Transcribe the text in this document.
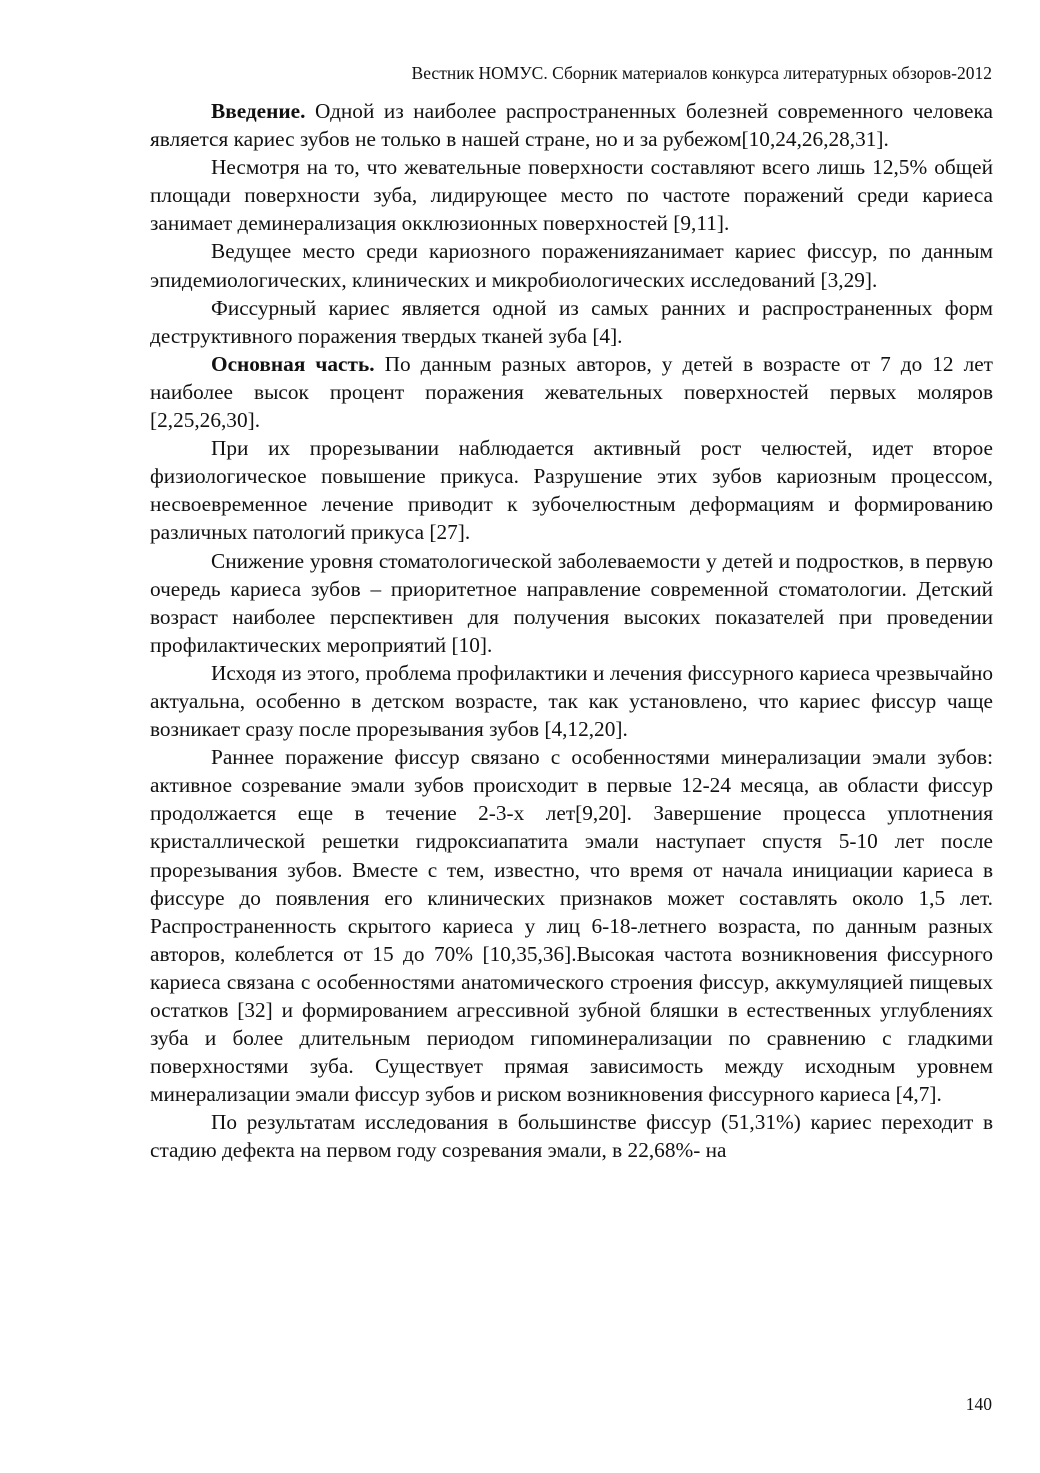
Вестник НОМУС. Сборник материалов конкурса литературных обзоров-2012

Введение. Одной из наиболее распространенных болезней современного человека является кариес зубов не только в нашей стране, но и за рубежом[10,24,26,28,31].

Несмотря на то, что жевательные поверхности составляют всего лишь 12,5% общей площади поверхности зуба, лидирующее место по частоте поражений среди кариеса занимает деминерализация окклюзионных поверхностей [9,11].

Ведущее место среди кариозного пораженияzанимает кариес фиссур, по данным эпидемиологических, клинических и микробиологических исследований [3,29].

Фиссурный кариес является одной из самых ранних и распространенных форм деструктивного поражения твердых тканей зуба [4].

Основная часть. По данным разных авторов, у детей в возрасте от 7 до 12 лет наиболее высок процент поражения жевательных поверхностей первых моляров [2,25,26,30].

При их прорезывании наблюдается активный рост челюстей, идет второе физиологическое повышение прикуса. Разрушение этих зубов кариозным процессом, несвоевременное лечение приводит к зубочелюстным деформациям и формированию различных патологий прикуса [27].

Снижение уровня стоматологической заболеваемости у детей и подростков, в первую очередь кариеса зубов – приоритетное направление современной стоматологии. Детский возраст наиболее перспективен для получения высоких показателей при проведении профилактических мероприятий [10].

Исходя из этого, проблема профилактики и лечения фиссурного кариеса чрезвычайно актуальна, особенно в детском возрасте, так как установлено, что кариес фиссур чаще возникает сразу после прорезывания зубов [4,12,20].

Раннее поражение фиссур связано с особенностями минерализации эмали зубов: активное созревание эмали зубов происходит в первые 12-24 месяца, ав области фиссур продолжается еще в течение 2-3-х лет[9,20]. Завершение процесса уплотнения кристаллической решетки гидроксиапатита эмали наступает спустя 5-10 лет после прорезывания зубов. Вместе с тем, известно, что время от начала инициации кариеса в фиссуре до появления его клинических признаков может составлять около 1,5 лет. Распространенность скрытого кариеса у лиц 6-18-летнего возраста, по данным разных авторов, колеблется от 15 до 70% [10,35,36].Высокая частота возникновения фиссурного кариеса связана с особенностями анатомического строения фиссур, аккумуляцией пищевых остатков [32] и формированием агрессивной зубной бляшки в естественных углублениях зуба и более длительным периодом гипоминерализации по сравнению с гладкими поверхностями зуба. Существует прямая зависимость между исходным уровнем минерализации эмали фиссур зубов и риском возникновения фиссурного кариеса [4,7].

По результатам исследования в большинстве фиссур (51,31%) кариес переходит в стадию дефекта на первом году созревания эмали, в 22,68%- на

140
